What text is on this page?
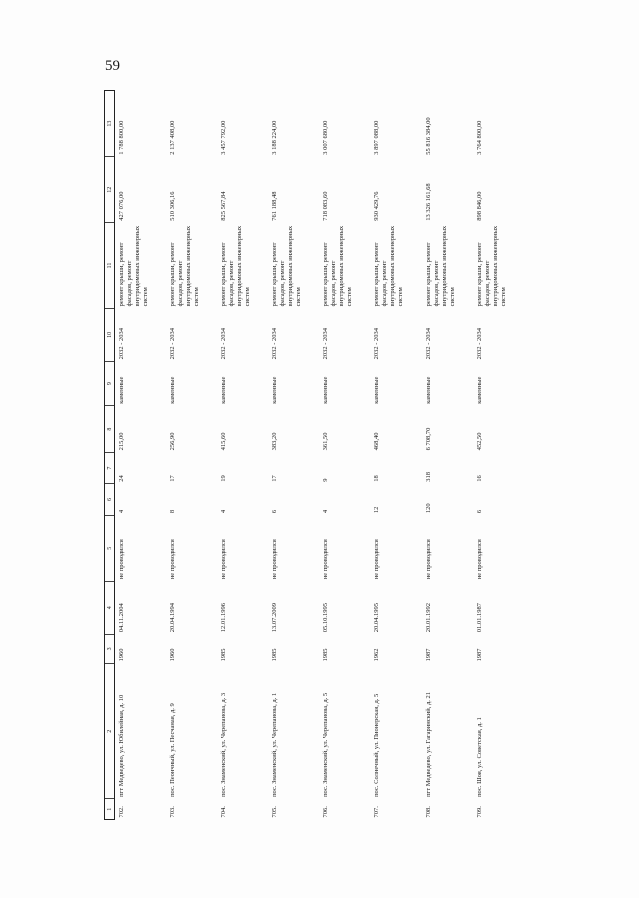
59
1	2	3	4	5	6	7	8	9	10	11	12	13
702.	пгт Медведево, ул. Юбилейная, д. 10	1960	04.11.2004	не проводился	4	24	215,00	каменные	2032 - 2034	ремонт крыши, ремонт фасадов, ремонт внутридомовых инженерных систем	427 076,00	1 788 800,00
703.	пос. Пеончный, ул. Песчаная, д. 9	1960	20.04.1994	не проводился	8	17	256,90	каменные	2032 - 2034	ремонт крыши, ремонт фасадов, ремонт внутридомовых инженерных систем	510 306,16	2 137 408,00
704.	пос. Знаменский, ул. Черепанова, д. 3	1985	12.01.1996	не проводился	4	19	415,60	каменные	2032 - 2034	ремонт крыши, ремонт фасадов, ремонт внутридомовых инженерных систем	825 567,84	3 457 792,00
705.	пос. Знаменский, ул. Черепанова, д. 1	1985	13.07.2009	не проводился	6	17	383,20	каменные	2032 - 2034	ремонт крыши, ремонт фасадов, ремонт внутридомовых инженерных систем	761 188,48	3 188 224,00
706.	пос. Знаменский, ул. Черепанова, д. 5	1985	05.10.1995	не проводился	4	9	361,50	каменные	2032 - 2034	ремонт крыши, ремонт фасадов, ремонт внутридомовых инженерных систем	718 083,60	3 007 680,00
707.	пос. Солнечный, ул. Пионерская, д. 5	1962	20.04.1995	не проводился	12	18	468,40	каменные	2032 - 2034	ремонт крыши, ремонт фасадов, ремонт внутридомовых инженерных систем	930 429,76	3 897 088,00
708.	пгт Медведево, ул. Гагаринский, д. 21	1987	20.01.1992	не проводился	120	318	6 708,70	каменные	2032 - 2034	ремонт крыши, ремонт фасадов, ремонт внутридомовых инженерных систем	13 326 161,68	55 816 384,00
709.	пос. Шоя, ул. Советская, д. 1	1987	01.01.1987	не проводился	6	16	452,50	каменные	2032 - 2034	ремонт крыши, ремонт фасадов, ремонт внутридомовых инженерных систем	898 846,00	3 764 800,00
